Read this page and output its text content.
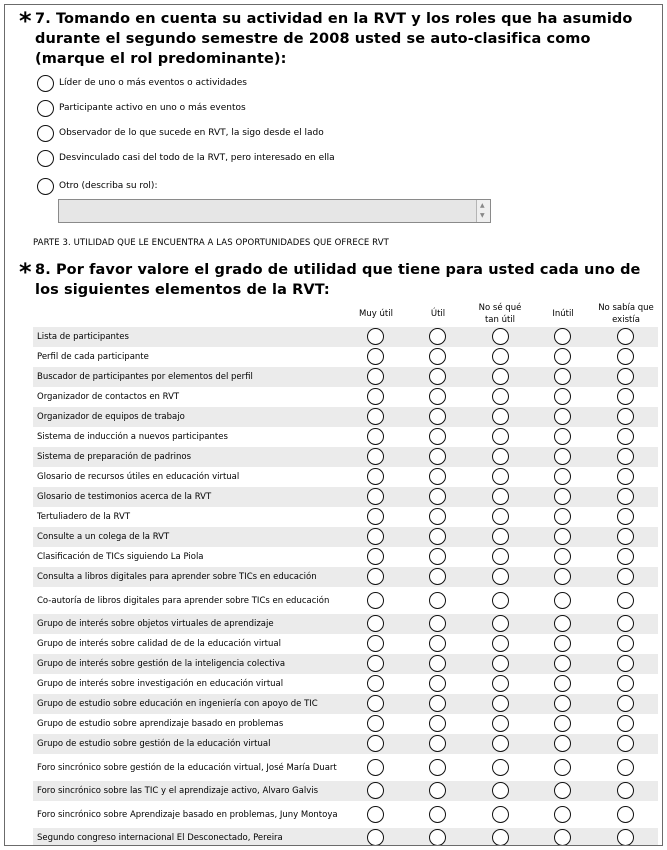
* 7. Tomando en cuenta su actividad en la RVT y los roles que ha asumido durante el segundo semestre de 2008 usted se auto-clasifica como (marque el rol predominante):
Líder de uno o más eventos o actividades
Participante activo en uno o más eventos
Observador de lo que sucede en RVT, la sigo desde el lado
Desvinculado casi del todo de la RVT, pero interesado en ella
Otro (describa su rol):
▲
▼
PARTE 3. UTILIDAD QUE LE ENCUENTRA A LAS OPORTUNIDADES QUE OFRECE RVT
* 8. Por favor valore el grado de utilidad que tiene para usted cada uno de los siguientes elementos de la RVT:
Muy útil	Útil
No sé qué tan útil
Inútil
No sabía que existía
Lista de participantes
Perfil de cada participante
Buscador de participantes por elementos del perfil
Organizador de contactos en RVT
Organizador de equipos de trabajo
Sistema de inducción a nuevos participantes
Sistema de preparación de padrinos
Glosario de recursos útiles en educación virtual
Glosario de testimonios acerca de la RVT
Tertuliadero de la RVT
Consulte a un colega de la RVT
Clasificación de TICs siguiendo La Piola
Consulta a libros digitales para aprender sobre TICs en educación
Co-autoría de libros digitales para aprender sobre TICs en educación
Grupo de interés sobre objetos virtuales de aprendizaje
Grupo de interés sobre calidad de de la educación virtual
Grupo de interés sobre gestión de la inteligencia colectiva
Grupo de interés sobre investigación en educación virtual
Grupo de estudio sobre educación en ingeniería con apoyo de TIC
Grupo de estudio sobre aprendizaje basado en problemas
Grupo de estudio sobre gestión de la educación virtual
Foro sincrónico sobre gestión de la educación virtual, José María Duart
Foro sincrónico sobre las TIC y el aprendizaje activo, Alvaro Galvis
Foro sincrónico sobre Aprendizaje basado en problemas, Juny Montoya
Segundo congreso internacional El Desconectado, Pereira
